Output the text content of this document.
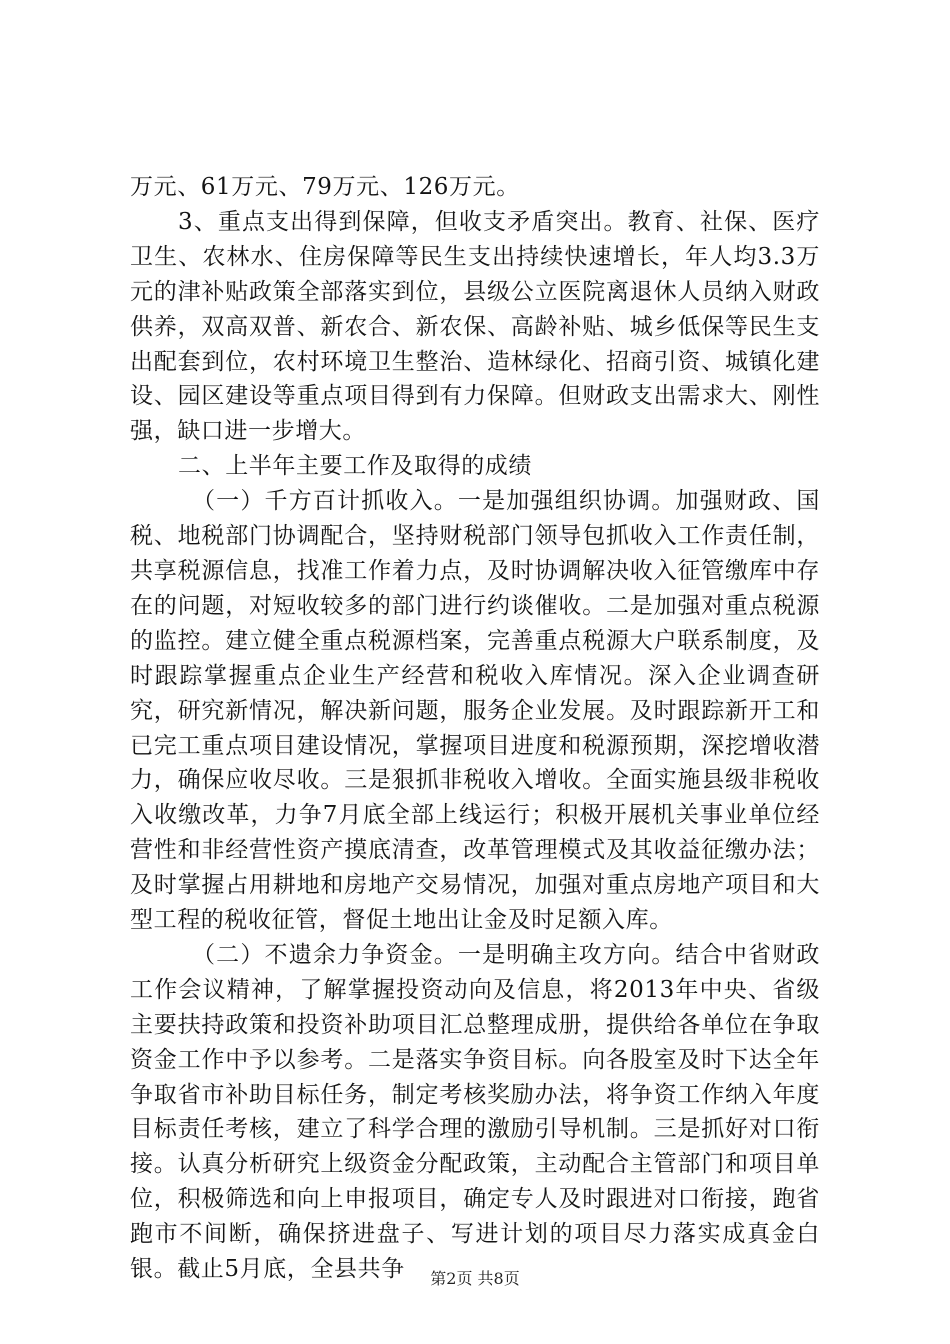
万元、61万元、79万元、126万元。

3、重点支出得到保障，但收支矛盾突出。教育、社保、医疗卫生、农林水、住房保障等民生支出持续快速增长，年人均3.3万元的津补贴政策全部落实到位，县级公立医院离退休人员纳入财政供养，双高双普、新农合、新农保、高龄补贴、城乡低保等民生支出配套到位，农村环境卫生整治、造林绿化、招商引资、城镇化建设、园区建设等重点项目得到有力保障。但财政支出需求大、刚性强，缺口进一步增大。

二、上半年主要工作及取得的成绩

（一）千方百计抓收入。一是加强组织协调。加强财政、国税、地税部门协调配合，坚持财税部门领导包抓收入工作责任制，共享税源信息，找准工作着力点，及时协调解决收入征管缴库中存在的问题，对短收较多的部门进行约谈催收。二是加强对重点税源的监控。建立健全重点税源档案，完善重点税源大户联系制度，及时跟踪掌握重点企业生产经营和税收入库情况。深入企业调查研究，研究新情况，解决新问题，服务企业发展。及时跟踪新开工和已完工重点项目建设情况，掌握项目进度和税源预期，深挖增收潜力，确保应收尽收。三是狠抓非税收入增收。全面实施县级非税收入收缴改革，力争7月底全部上线运行；积极开展机关事业单位经营性和非经营性资产摸底清查，改革管理模式及其收益征缴办法；及时掌握占用耕地和房地产交易情况，加强对重点房地产项目和大型工程的税收征管，督促土地出让金及时足额入库。

（二）不遗余力争资金。一是明确主攻方向。结合中省财政工作会议精神，了解掌握投资动向及信息，将2013年中央、省级主要扶持政策和投资补助项目汇总整理成册，提供给各单位在争取资金工作中予以参考。二是落实争资目标。向各股室及时下达全年争取省市补助目标任务，制定考核奖励办法，将争资工作纳入年度目标责任考核，建立了科学合理的激励引导机制。三是抓好对口衔接。认真分析研究上级资金分配政策，主动配合主管部门和项目单位，积极筛选和向上申报项目，确定专人及时跟进对口衔接，跑省跑市不间断，确保挤进盘子、写进计划的项目尽力落实成真金白银。截止5月底，全县共争	第2页 共8页
